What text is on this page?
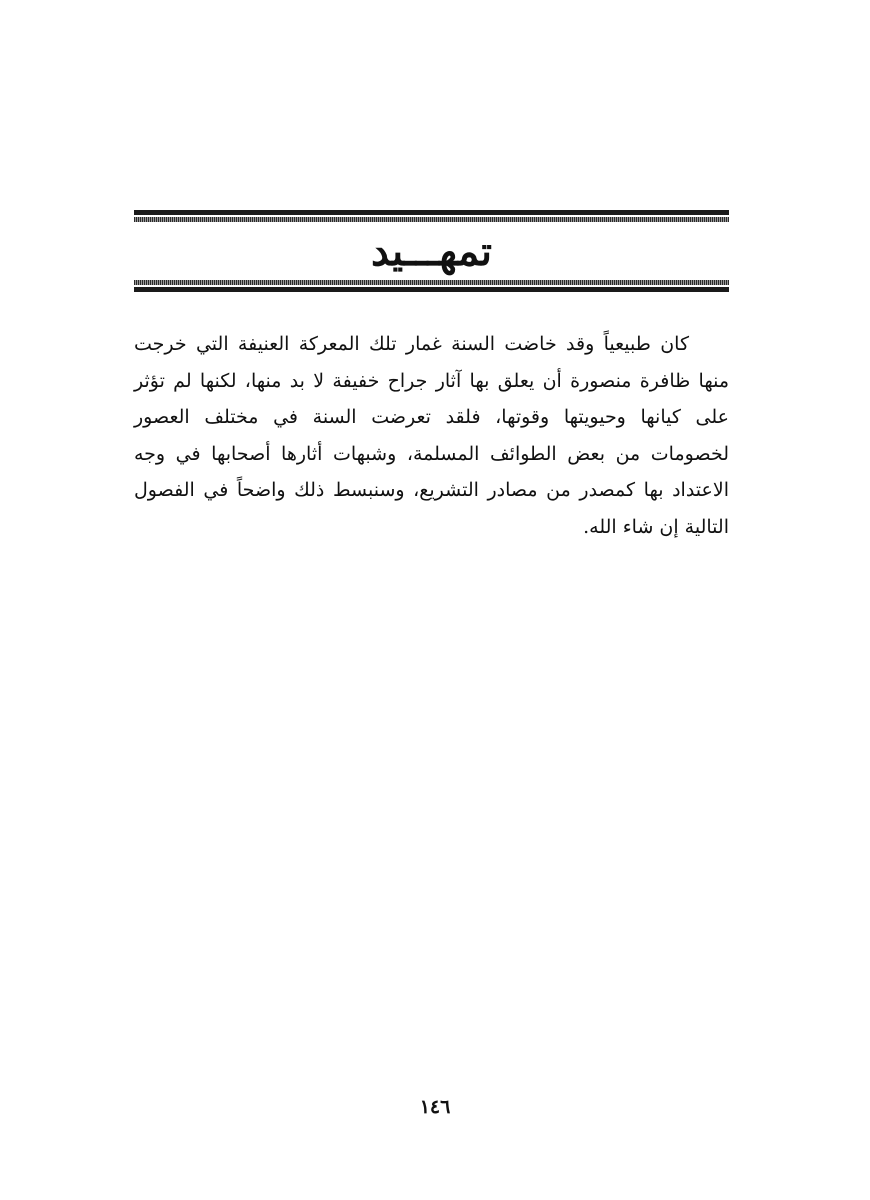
تمهـــيد
كان طبيعياً وقد خاضت السنة غمار تلك المعركة العنيفة التي خرجت
منها ظافرة منصورة أن يعلق بها آثار جراح خفيفة لا بد منها، لكنها لم تؤثر
على كيانها وحيويتها وقوتها، فلقد تعرضت السنة في مختلف العصور
لخصومات من بعض الطوائف المسلمة، وشبهات أثارها أصحابها في وجه
الاعتداد بها كمصدر من مصادر التشريع، وسنبسط ذلك واضحاً في الفصول
التالية إن شاء الله.
١٤٦
